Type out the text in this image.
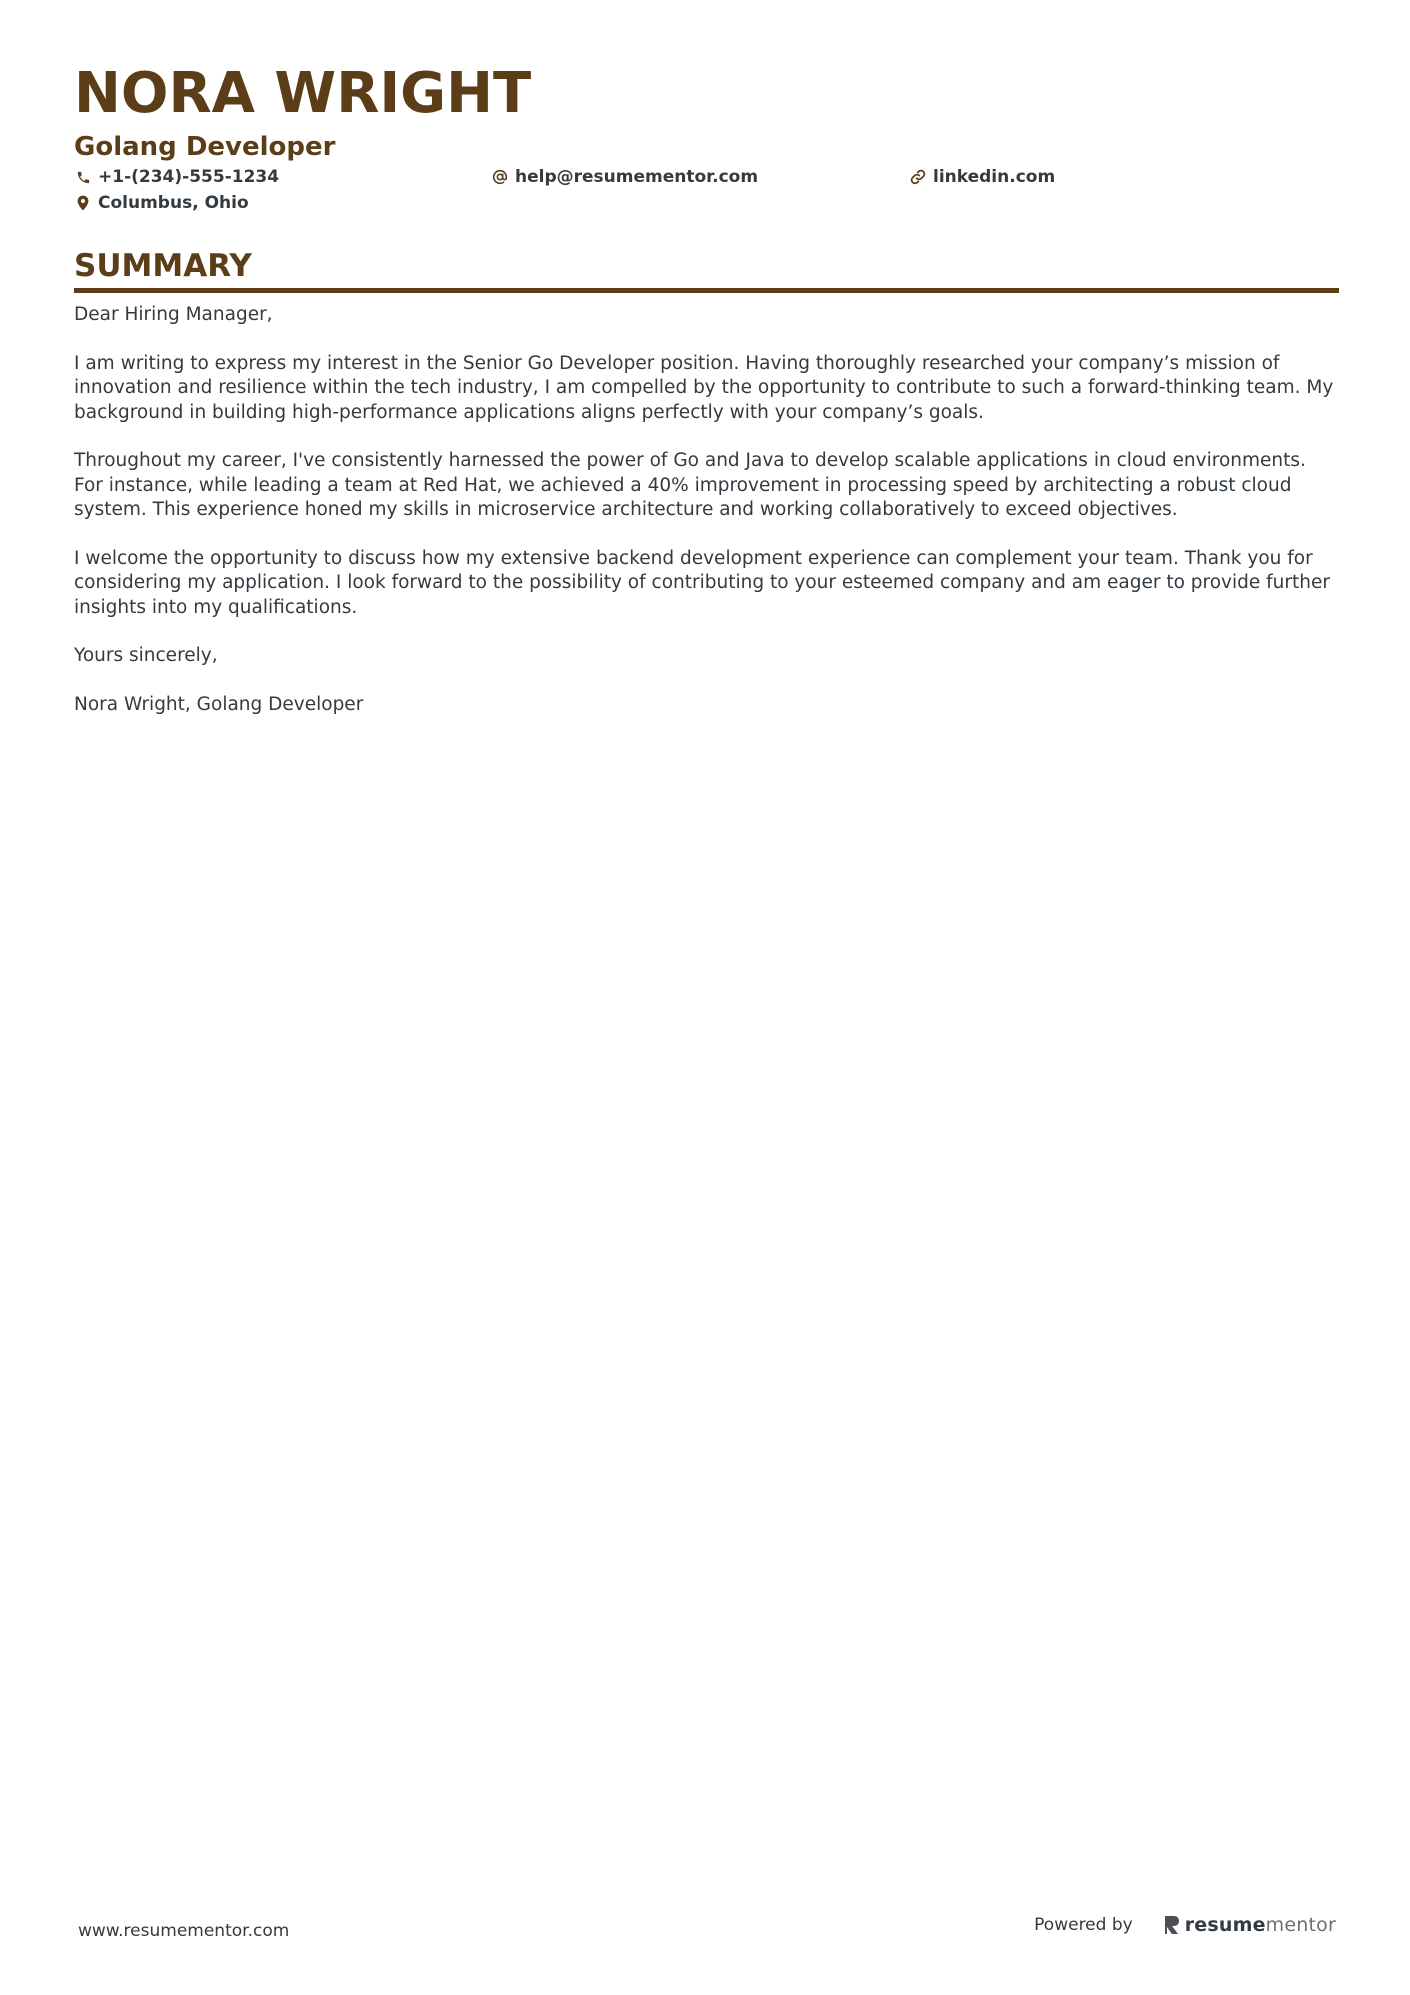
NORA WRIGHT
Golang Developer
+1-(234)-555-1234	help@resumementor.com	linkedin.com
Columbus, Ohio
SUMMARY

Dear Hiring Manager,

I am writing to express my interest in the Senior Go Developer position. Having thoroughly researched your company’s mission of innovation and resilience within the tech industry, I am compelled by the opportunity to contribute to such a forward-thinking team. My background in building high-performance applications aligns perfectly with your company’s goals.

Throughout my career, I've consistently harnessed the power of Go and Java to develop scalable applications in cloud environments. For instance, while leading a team at Red Hat, we achieved a 40% improvement in processing speed by architecting a robust cloud system. This experience honed my skills in microservice architecture and working collaboratively to exceed objectives.

I welcome the opportunity to discuss how my extensive backend development experience can complement your team. Thank you for considering my application. I look forward to the possibility of contributing to your esteemed company and am eager to provide further insights into my qualifications.

Yours sincerely,

Nora Wright, Golang Developer

www.resumementor.com	Powered by	resumementor
